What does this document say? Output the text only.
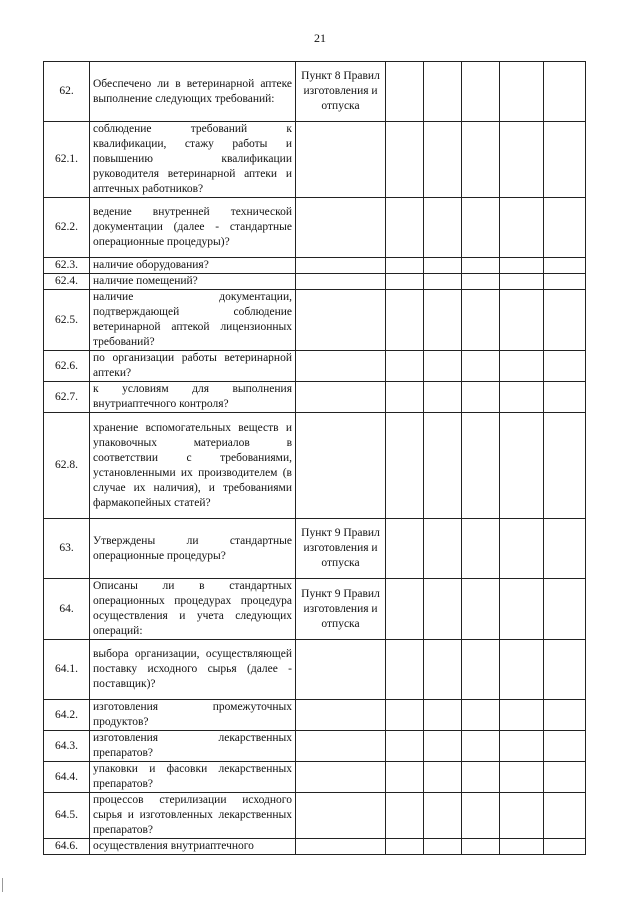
21
62.	Обеспечено ли в ветеринарной аптеке выполнение следующих требований:	Пункт 8 Правил изготовления и отпуска					
62.1.	соблюдение требований к квалификации, стажу работы и повышению квалификации руководителя ветеринарной аптеки и аптечных работников?						
62.2.	ведение внутренней технической документации (далее - стандартные операционные процедуры)?						
62.3.	наличие оборудования?						
62.4.	наличие помещений?						
62.5.	наличие документации, подтверждающей соблюдение ветеринарной аптекой лицензионных требований?						
62.6.	по организации работы ветеринарной аптеки?						
62.7.	к условиям для выполнения внутриаптечного контроля?						
62.8.	хранение вспомогательных веществ и упаковочных материалов в соответствии с требованиями, установленными их производителем (в случае их наличия), и требованиями фармакопейных статей?						
63.	Утверждены ли стандартные операционные процедуры?	Пункт 9 Правил изготовления и отпуска					
64.	Описаны ли в стандартных операционных процедурах процедура осуществления и учета следующих операций:	Пункт 9 Правил изготовления и отпуска					
64.1.	выбора организации, осуществляющей поставку исходного сырья (далее - поставщик)?						
64.2.	изготовления промежуточных продуктов?						
64.3.	изготовления лекарственных препаратов?						
64.4.	упаковки и фасовки лекарственных препаратов?						
64.5.	процессов стерилизации исходного сырья и изготовленных лекарственных препаратов?						
64.6.	осуществления внутриаптечного						
